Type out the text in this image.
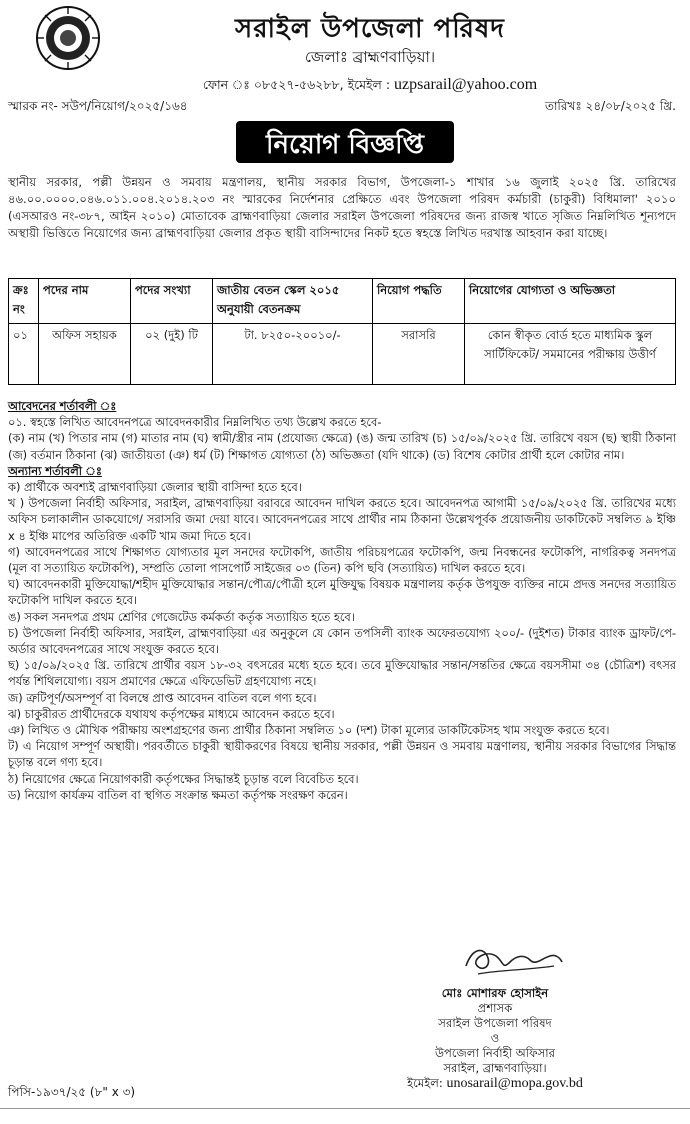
সরাইল উপজেলা পরিষদ
জেলাঃ ব্রাহ্মণবাড়িয়া।
ফোন ঃ ০৮৫২৭-৫৬২৮৮, ইমেইল : uzpsarail@yahoo.com
স্মারক নং- সউপ/নিয়োগ/২০২৫/১৬৪	তারিখঃ ২৪/০৮/২০২৫ খ্রি.
নিয়োগ বিজ্ঞপ্তি
স্থানীয় সরকার, পল্লী উন্নয়ন ও সমবায় মন্ত্রণালয়, স্থানীয় সরকার বিভাগ, উপজেলা-১ শাখার ১৬ জুলাই ২০২৫ খ্রি. তারিখের ৪৬.০০.০০০০.০৪৬.০১১.০০৪.২০১৪.২০৩ নং স্মারকের নির্দেশনার প্রেক্ষিতে এবং উপজেলা পরিষদ কর্মচারী (চাকুরী) বিধিমালা' ২০১০ (এসআরও নং-৩৮৭, আইন ২০১০) মোতাবেক ব্রাহ্মণবাড়িয়া জেলার সরাইল উপজেলা পরিষদের জন্য রাজস্ব খাতে সৃজিত নিম্নলিখিত শূন্যপদে অস্থায়ী ভিত্তিতে নিয়োগের জন্য ব্রাহ্মণবাড়িয়া জেলার প্রকৃত স্থায়ী বাসিন্দাদের নিকট হতে স্বহস্তে লিখিত দরখাস্ত আহবান করা যাচ্ছে।
ক্রঃ নং	পদের নাম	পদের সংখ্যা	জাতীয় বেতন স্কেল ২০১৫ অনুযায়ী বেতনক্রম	নিয়োগ পদ্ধতি	নিয়োগের যোগ্যতা ও অভিজ্ঞতা
০১	অফিস সহায়ক	০২ (দুই) টি	টা. ৮২৫০-২০০১০/-	সরাসরি	কোন স্বীকৃত বোর্ড হতে মাধ্যমিক স্কুল সার্টিফিকেট/ সমমানের পরীক্ষায় উত্তীর্ণ

আবেদনের শর্তাবলী ঃ

০১. স্বহস্তে লিখিত আবেদনপত্রে আবেদনকারীর নিম্নলিখিত তথ্য উল্লেখ করতে হবে-

(ক) নাম (খ) পিতার নাম (গ) মাতার নাম (ঘ) স্বামী/স্ত্রীর নাম (প্রযোজ্য ক্ষেত্রে) (ঙ) জন্ম তারিখ (চ) ১৫/০৯/২০২৫ খ্রি. তারিখে বয়স (ছ) স্থায়ী ঠিকানা (জ) বর্তমান ঠিকানা (ঝ) জাতীয়তা (ঞ) ধর্ম (ট) শিক্ষাগত যোগ্যতা (ঠ) অভিজ্ঞতা (যদি থাকে) (ড) বিশেষ কোটার প্রার্থী হলে কোটার নাম।

অন্যান্য শর্তাবলী ঃ

ক) প্রার্থীকে অবশ্যই ব্রাহ্মণবাড়িয়া জেলার স্থায়ী বাসিন্দা হতে হবে।

খ ) উপজেলা নির্বাহী অফিসার, সরাইল, ব্রাহ্মণবাড়িয়া বরাবরে আবেদন দাখিল করতে হবে। আবেদনপত্র আগামী ১৫/০৯/২০২৫ খ্রি. তারিখের মধ্যে অফিস চলাকালীন ডাকযোগে/ সরাসরি জমা দেয়া যাবে। আবেদনপত্রের সাথে প্রার্থীর নাম ঠিকানা উল্লেখপূর্বক প্রয়োজনীয় ডাকটিকেট সম্বলিত ৯ ইঞ্চি x ৪ ইঞ্চি মাপের অতিরিক্ত একটি খাম জমা দিতে হবে।

গ) আবেদনপত্রের সাথে শিক্ষাগত যোগ্যতার মূল সনদের ফটোকপি, জাতীয় পরিচয়পত্রের ফটোকপি, জন্ম নিবন্ধনের ফটোকপি, নাগরিকত্ব সনদপত্র (মূল বা সত্যায়িত ফটোকপি), সম্প্রতি তোলা পাসপোর্ট সাইজের ০৩ (তিন) কপি ছবি (সত্যায়িত) দাখিল করতে হবে।

ঘ) আবেদনকারী মুক্তিযোদ্ধা/শহীদ মুক্তিযোদ্ধার সন্তান/পৌত্র/পৌত্রী হলে মুক্তিযুদ্ধ বিষয়ক মন্ত্রণালয় কর্তৃক উপযুক্ত ব্যক্তির নামে প্রদত্ত সনদের সত্যায়িত ফটোকপি দাখিল করতে হবে।

ঙ) সকল সনদপত্র প্রথম শ্রেণির গেজেটেড কর্মকর্তা কর্তৃক সত্যায়িত হতে হবে।

চ) উপজেলা নির্বাহী অফিসার, সরাইল, ব্রাহ্মণবাড়িয়া এর অনুকূলে যে কোন তপসিলী ব্যাংক অফেরতযোগ্য ২০০/- (দুইশত) টাকার ব্যাংক ড্রাফট/পে-অর্ডার আবেদনপত্রের সাথে সংযুক্ত করতে হবে।

ছ) ১৫/০৯/২০২৫ খ্রি. তারিখে প্রার্থীর বয়স ১৮-৩২ বৎসরের মধ্যে হতে হবে। তবে মুক্তিযোদ্ধার সন্তান/সন্ততির ক্ষেত্রে বয়সসীমা ৩৪ (চৌত্রিশ) বৎসর পর্যন্ত শিথিলযোগ্য। বয়স প্রমাণের ক্ষেত্রে এফিডেভিট গ্রহণযোগ্য নহে।

জ) ত্রুটিপূর্ণ/অসম্পূর্ণ বা বিলম্বে প্রাপ্ত আবেদন বাতিল বলে গণ্য হবে।

ঝ) চাকুরীরত প্রার্থীদেরকে যথাযথ কর্তৃপক্ষের মাধ্যমে আবেদন করতে হবে।

ঞ) লিখিত ও মৌখিক পরীক্ষায় অংশগ্রহণের জন্য প্রার্থীর ঠিকানা সম্বলিত ১০ (দশ) টাকা মূল্যের ডাকটিকেটসহ খাম সংযুক্ত করতে হবে।

ট) এ নিয়োগ সম্পূর্ণ অস্থায়ী। পরবর্তীতে চাকুরী স্থায়ীকরণের বিষয়ে স্থানীয় সরকার, পল্লী উন্নয়ন ও সমবায় মন্ত্রণালয়, স্থানীয় সরকার বিভাগের সিদ্ধান্ত চূড়ান্ত বলে গণ্য হবে।

ঠ) নিয়োগের ক্ষেত্রে নিয়োগকারী কর্তৃপক্ষের সিদ্ধান্তই চূড়ান্ত বলে বিবেচিত হবে।

ড) নিয়োগ কার্যক্রম বাতিল বা স্থগিত সংক্রান্ত ক্ষমতা কর্তৃপক্ষ সংরক্ষণ করেন।

মোঃ মোশারফ হোসাইন
প্রশাসক
সরাইল উপজেলা পরিষদ
ও
উপজেলা নির্বাহী অফিসার
সরাইল, ব্রাহ্মণবাড়িয়া।
ইমেইল: unosarail@mopa.gov.bd
পিসি-১৯৩৭/২৫ (৮" x ৩)
